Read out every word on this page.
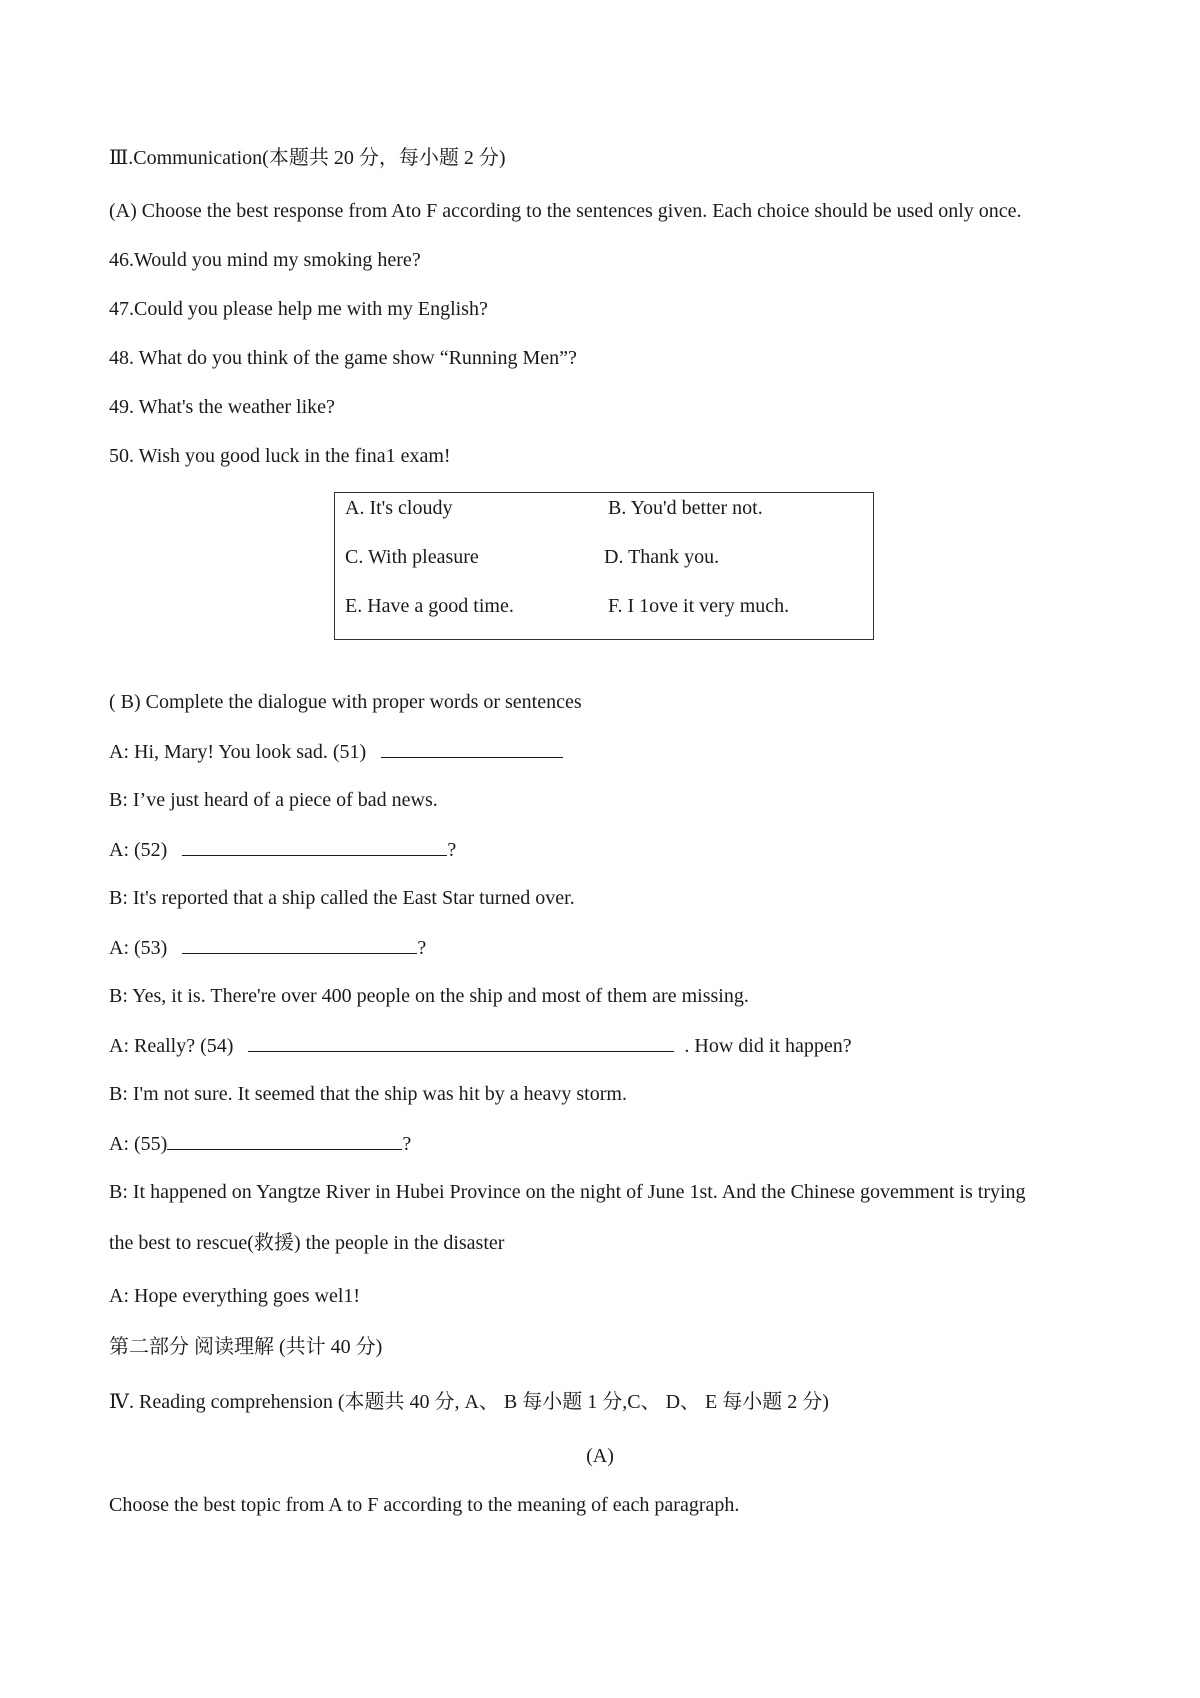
Ⅲ.Communication(本题共 20 分，每小题 2 分)
(A) Choose the best response from Ato F according to the sentences given. Each choice should be used only once.
46.Would you mind my smoking here?
47.Could you please help me with my English?
48. What do you think of the game show “Running Men”?
49. What's the weather like?
50. Wish you good luck in the fina1 exam!
A. It's cloudy	B. You'd better not.
C. With pleasure	D. Thank you.
E. Have a good time.	F. I 1ove it very much.
( B) Complete the dialogue with proper words or sentences
A: Hi, Mary! You look sad. (51)
B: I’ve just heard of a piece of bad news.
A: (52)	?
B: It's reported that a ship called the East Star turned over.
A: (53)	?
B: Yes, it is. There're over 400 people on the ship and most of them are missing.
A: Really? (54)	. How did it happen?
B: I'm not sure. It seemed that the ship was hit by a heavy storm.
A: (55)	?
B: It happened on Yangtze River in Hubei Province on the night of June 1st. And the Chinese govemment is trying
the best to rescue(救援) the people in the disaster
A: Hope everything goes wel1!
第二部分 阅读理解 (共计 40 分)
Ⅳ. Reading comprehension (本题共 40 分, A、 B 每小题 1 分,C、 D、 E 每小题 2 分)
(A)
Choose the best topic from A to F according to the meaning of each paragraph.
